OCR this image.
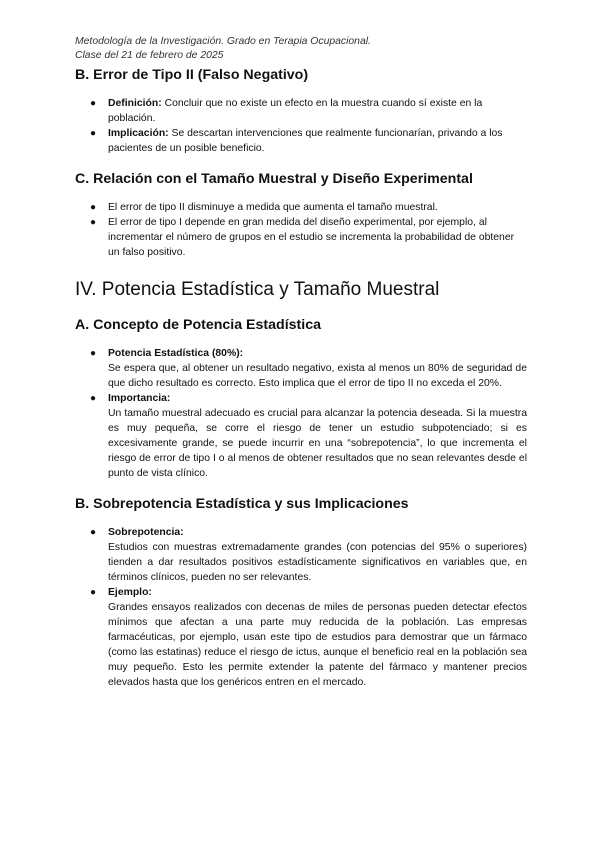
Metodología de la Investigación. Grado en Terapia Ocupacional.
Clase del 21 de febrero de 2025
B. Error de Tipo II (Falso Negativo)
● Definición: Concluir que no existe un efecto en la muestra cuando sí existe en la población.
● Implicación: Se descartan intervenciones que realmente funcionarían, privando a los pacientes de un posible beneficio.
C. Relación con el Tamaño Muestral y Diseño Experimental
● El error de tipo II disminuye a medida que aumenta el tamaño muestral.
● El error de tipo I depende en gran medida del diseño experimental, por ejemplo, al incrementar el número de grupos en el estudio se incrementa la probabilidad de obtener un falso positivo.
IV. Potencia Estadística y Tamaño Muestral
A. Concepto de Potencia Estadística
● Potencia Estadística (80%):
Se espera que, al obtener un resultado negativo, exista al menos un 80% de seguridad de que dicho resultado es correcto. Esto implica que el error de tipo II no exceda el 20%.
● Importancia:
Un tamaño muestral adecuado es crucial para alcanzar la potencia deseada. Si la muestra es muy pequeña, se corre el riesgo de tener un estudio subpotenciado; si es excesivamente grande, se puede incurrir en una “sobrepotencia”, lo que incrementa el riesgo de error de tipo I o al menos de obtener resultados que no sean relevantes desde el punto de vista clínico.
B. Sobrepotencia Estadística y sus Implicaciones
● Sobrepotencia:
Estudios con muestras extremadamente grandes (con potencias del 95% o superiores) tienden a dar resultados positivos estadísticamente significativos en variables que, en términos clínicos, pueden no ser relevantes.
● Ejemplo:
Grandes ensayos realizados con decenas de miles de personas pueden detectar efectos mínimos que afectan a una parte muy reducida de la población. Las empresas farmacéuticas, por ejemplo, usan este tipo de estudios para demostrar que un fármaco (como las estatinas) reduce el riesgo de ictus, aunque el beneficio real en la población sea muy pequeño. Esto les permite extender la patente del fármaco y mantener precios elevados hasta que los genéricos entren en el mercado.
